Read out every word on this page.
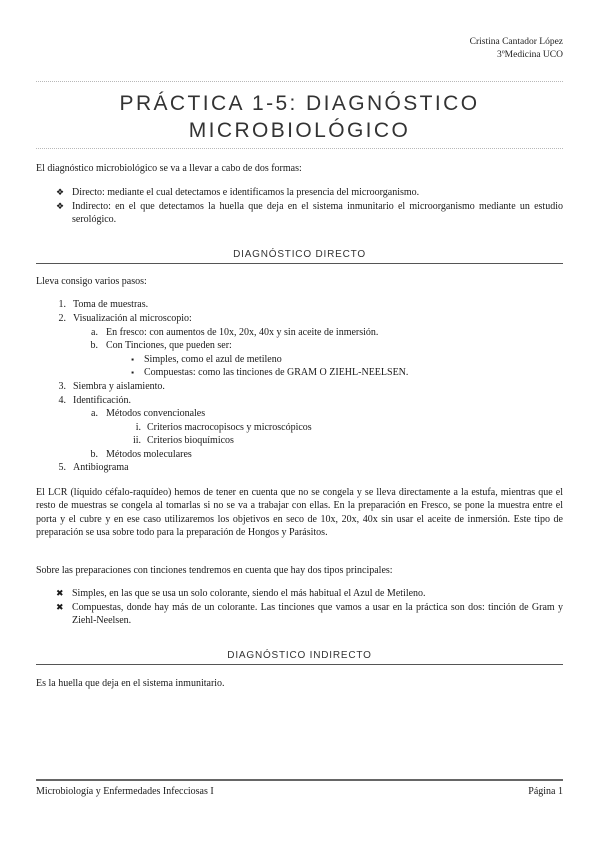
Cristina Cantador López
3ºMedicina UCO
PRÁCTICA 1-5: DIAGNÓSTICO
MICROBIOLÓGICO
El diagnóstico microbiológico se va a llevar a cabo de dos formas:
❖ Directo: mediante el cual detectamos e identificamos la presencia del microorganismo.
❖ Indirecto: en el que detectamos la huella que deja en el sistema inmunitario el microorganismo mediante un estudio serológico.
DIAGNÓSTICO DIRECTO
Lleva consigo varios pasos:
1. Toma de muestras.
2. Visualización al microscopio:
a. En fresco: con aumentos de 10x, 20x, 40x y sin aceite de inmersión.
b. Con Tinciones, que pueden ser:
▪ Simples, como el azul de metileno
▪ Compuestas: como las tinciones de GRAM O ZIEHL-NEELSEN.
3. Siembra y aislamiento.
4. Identificación.
a. Métodos convencionales
i. Criterios macrocopisocs y microscópicos
ii. Criterios bioquímicos
b. Métodos moleculares
5. Antibiograma
El LCR (líquido céfalo-raquídeo) hemos de tener en cuenta que no se congela y se lleva directamente a la estufa, mientras que el resto de muestras se congela al tomarlas si no se va a trabajar con ellas. En la preparación en Fresco, se pone la muestra entre el porta y el cubre y en ese caso utilizaremos los objetivos en seco de 10x, 20x, 40x sin usar el aceite de inmersión. Este tipo de preparación se usa sobre todo para la preparación de Hongos y Parásitos.
Sobre las preparaciones con tinciones tendremos en cuenta que hay dos tipos principales:
✖ Simples, en las que se usa un solo colorante, siendo el más habitual el Azul de Metileno.
✖ Compuestas, donde hay más de un colorante. Las tinciones que vamos a usar en la práctica son dos: tinción de Gram y Ziehl-Neelsen.
DIAGNÓSTICO INDIRECTO
Es la huella que deja en el sistema inmunitario.
Microbiología y Enfermedades Infecciosas I	Página 1
